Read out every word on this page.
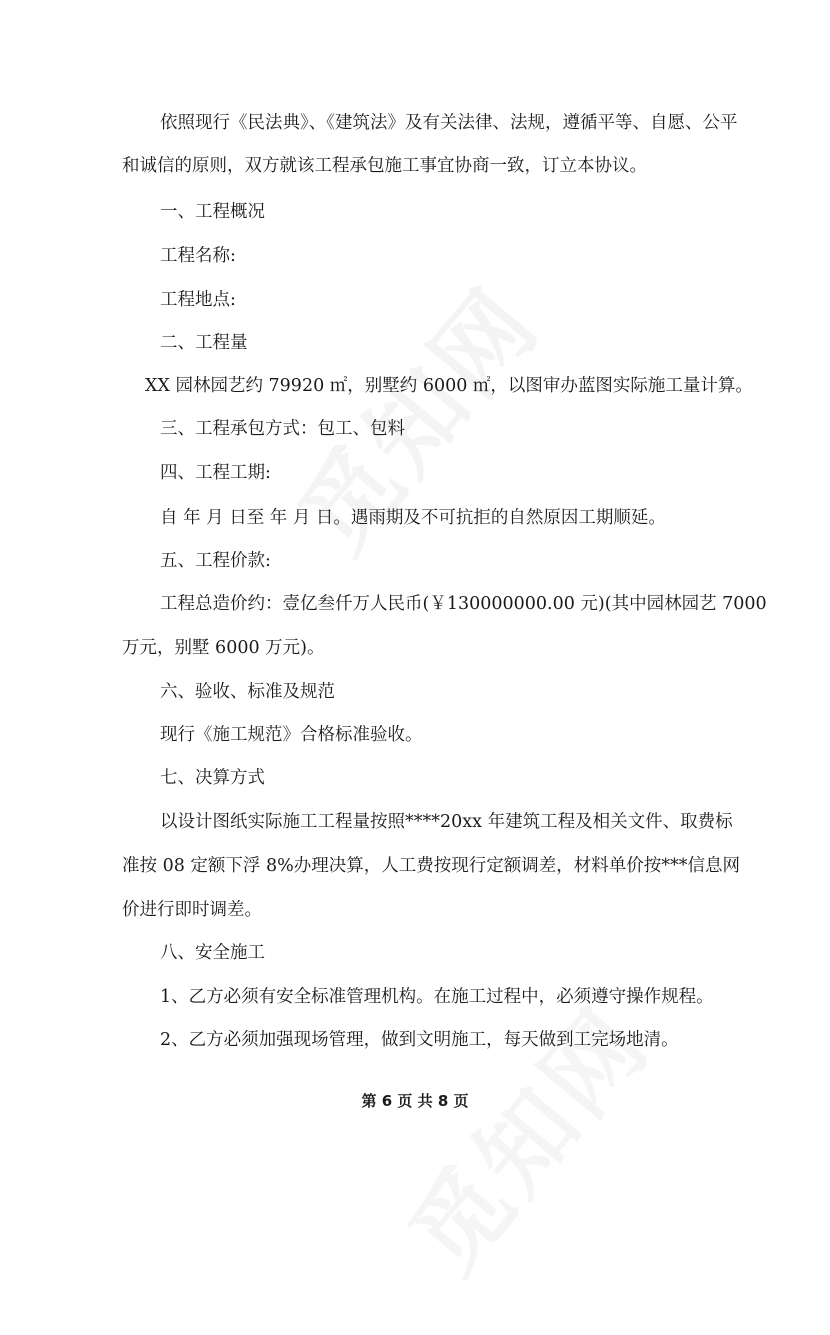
依照现行《民法典》、《建筑法》及有关法律、法规，遵循平等、自愿、公平

和诚信的原则，双方就该工程承包施工事宜协商一致，订立本协议。

一、工程概况

工程名称:

工程地点:

二、工程量

XX 园林园艺约 79920 ㎡，别墅约 6000 ㎡，以图审办蓝图实际施工量计算。

三、工程承包方式：包工、包料

四、工程工期:

自 年 月 日至 年 月 日。遇雨期及不可抗拒的自然原因工期顺延。

五、工程价款:

工程总造价约：壹亿叁仟万人民币(￥130000000.00 元)(其中园林园艺 7000

万元，别墅 6000 万元)。

六、验收、标准及规范

现行《施工规范》合格标准验收。

七、决算方式

以设计图纸实际施工工程量按照****20xx 年建筑工程及相关文件、取费标

准按 08 定额下浮 8%办理决算，人工费按现行定额调差，材料单价按***信息网

价进行即时调差。

八、安全施工

1、乙方必须有安全标准管理机构。在施工过程中，必须遵守操作规程。

2、乙方必须加强现场管理，做到文明施工，每天做到工完场地清。

第 6 页 共 8 页
